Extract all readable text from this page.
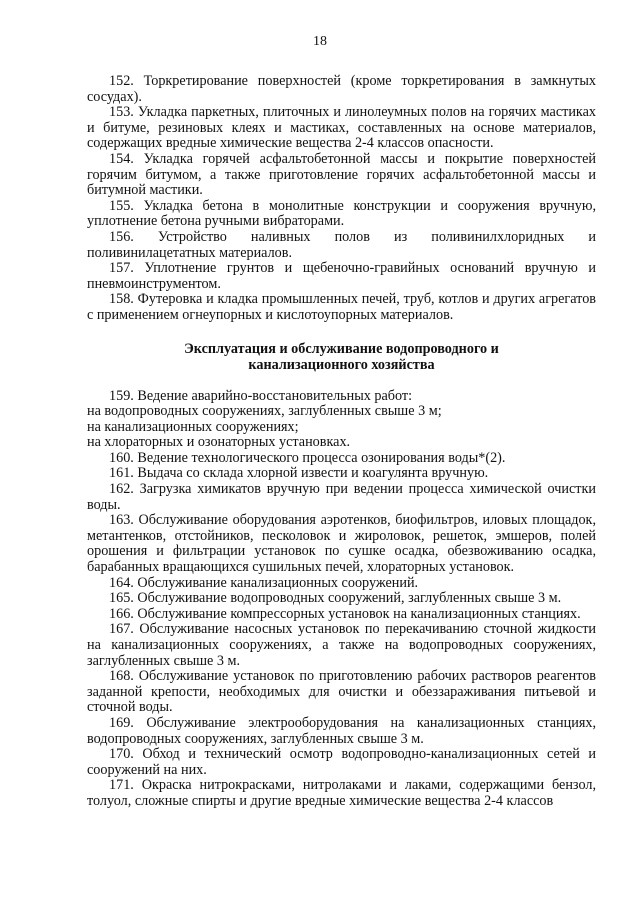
18

152. Торкретирование поверхностей (кроме торкретирования в замкнутых сосудах).

153. Укладка паркетных, плиточных и линолеумных полов на горячих мастиках и битуме, резиновых клеях и мастиках, составленных на основе материалов, содержащих вредные химические вещества 2-4 классов опасности.

154. Укладка горячей асфальтобетонной массы и покрытие поверхностей горячим битумом, а также приготовление горячих асфальтобетонной массы и битумной мастики.

155. Укладка бетона в монолитные конструкции и сооружения вручную, уплотнение бетона ручными вибраторами.

156. Устройство наливных полов из поливинилхлоридных и поливинилацетатных материалов.

157. Уплотнение грунтов и щебеночно-гравийных оснований вручную и пневмоинструментом.

158. Футеровка и кладка промышленных печей, труб, котлов и других агрегатов с применением огнеупорных и кислотоупорных материалов.

Эксплуатация и обслуживание водопроводного и
канализационного хозяйства

159. Ведение аварийно-восстановительных работ:

на водопроводных сооружениях, заглубленных свыше 3 м;

на канализационных сооружениях;

на хлораторных и озонаторных установках.

160. Ведение технологического процесса озонирования воды*(2).

161. Выдача со склада хлорной извести и коагулянта вручную.

162. Загрузка химикатов вручную при ведении процесса химической очистки воды.

163. Обслуживание оборудования аэротенков, биофильтров, иловых площадок, метантенков, отстойников, песколовок и жироловок, решеток, эмшеров, полей орошения и фильтрации установок по сушке осадка, обезвоживанию осадка, барабанных вращающихся сушильных печей, хлораторных установок.

164. Обслуживание канализационных сооружений.

165. Обслуживание водопроводных сооружений, заглубленных свыше 3 м.

166. Обслуживание компрессорных установок на канализационных станциях.

167. Обслуживание насосных установок по перекачиванию сточной жидкости на канализационных сооружениях, а также на водопроводных сооружениях, заглубленных свыше 3 м.

168. Обслуживание установок по приготовлению рабочих растворов реагентов заданной крепости, необходимых для очистки и обеззараживания питьевой и сточной воды.

169. Обслуживание электрооборудования на канализационных станциях, водопроводных сооружениях, заглубленных свыше 3 м.

170. Обход и технический осмотр водопроводно-канализационных сетей и сооружений на них.

171. Окраска нитрокрасками, нитролаками и лаками, содержащими бензол, толуол, сложные спирты и другие вредные химические вещества 2-4 классов
